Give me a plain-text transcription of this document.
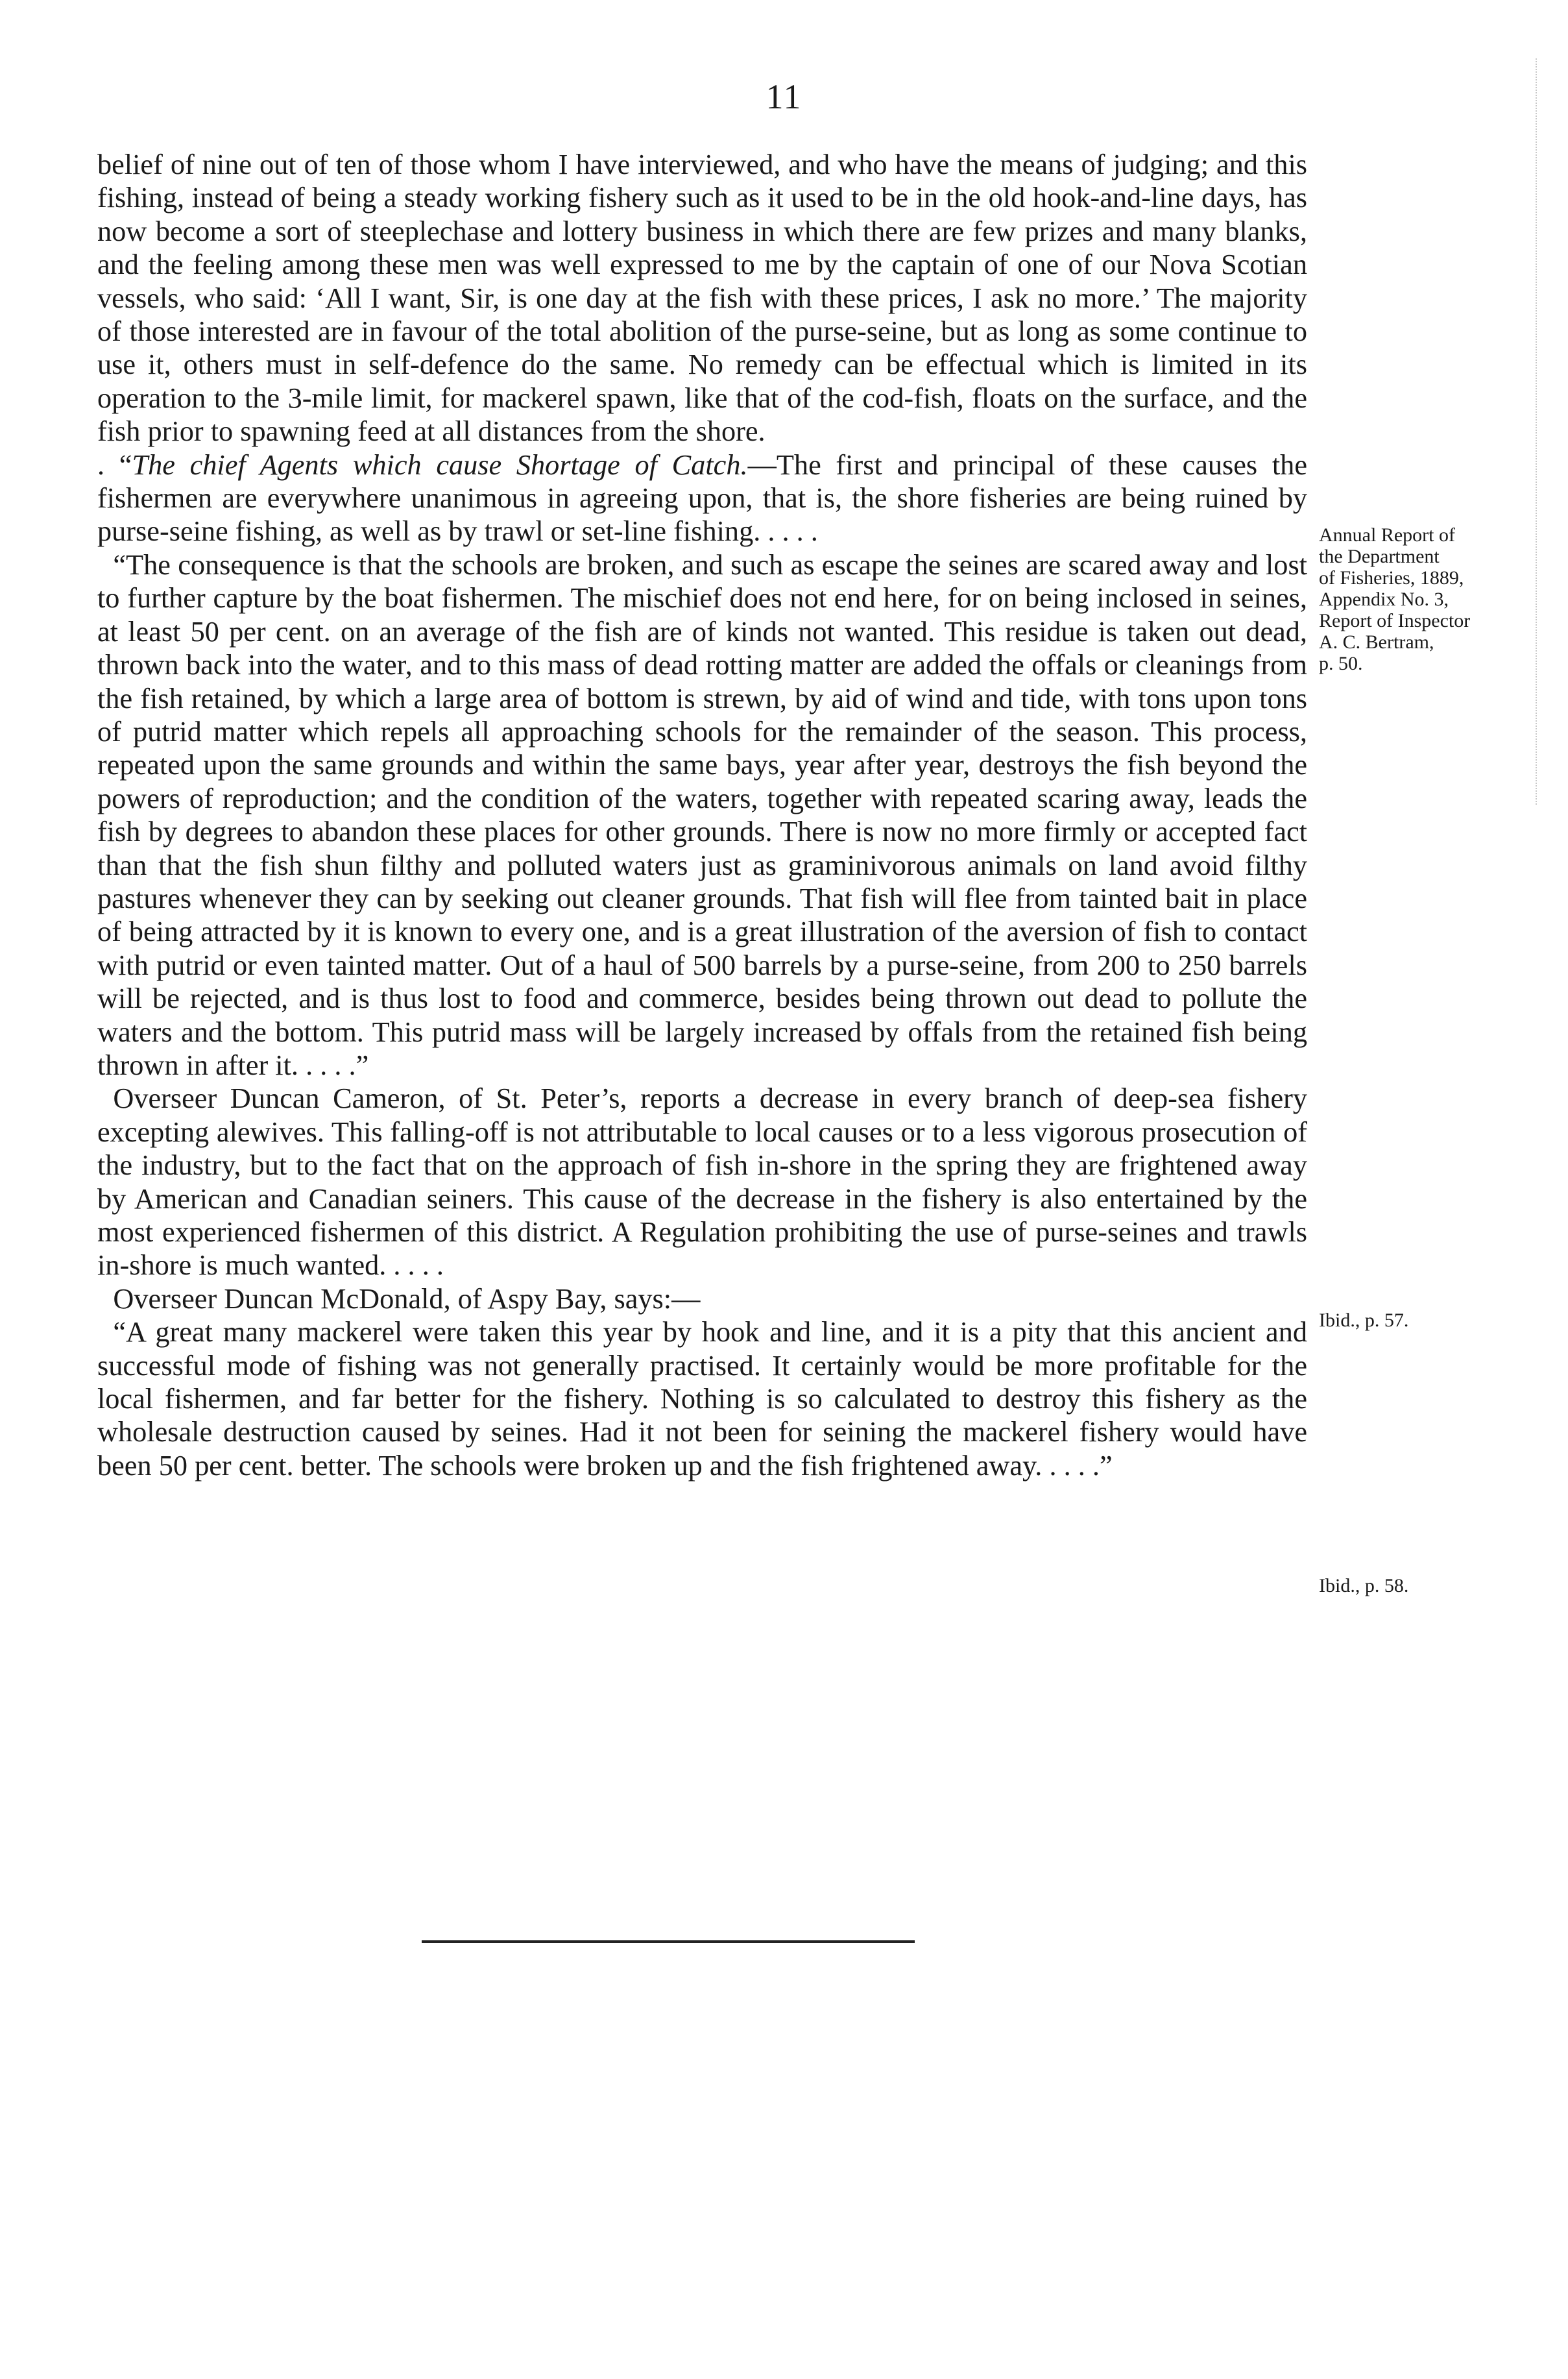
11

belief of nine out of ten of those whom I have interviewed, and who have the means of judging; and this fishing, instead of being a steady working fishery such as it used to be in the old hook-and-line days, has now become a sort of steeplechase and lottery business in which there are few prizes and many blanks, and the feeling among these men was well expressed to me by the captain of one of our Nova Scotian vessels, who said: ‘All I want, Sir, is one day at the fish with these prices, I ask no more.’ The majority of those interested are in favour of the total abolition of the purse-seine, but as long as some continue to use it, others must in self-defence do the same. No remedy can be effectual which is limited in its operation to the 3-mile limit, for mackerel spawn, like that of the cod-fish, floats on the surface, and the fish prior to spawning feed at all distances from the shore.

. “The chief Agents which cause Shortage of Catch.—The first and principal of these causes the fishermen are everywhere unanimous in agreeing upon, that is, the shore fisheries are being ruined by purse-seine fishing, as well as by trawl or set-line fishing. . . . .

“The consequence is that the schools are broken, and such as escape the seines are scared away and lost to further capture by the boat fishermen. The mischief does not end here, for on being inclosed in seines, at least 50 per cent. on an average of the fish are of kinds not wanted. This residue is taken out dead, thrown back into the water, and to this mass of dead rotting matter are added the offals or cleanings from the fish retained, by which a large area of bottom is strewn, by aid of wind and tide, with tons upon tons of putrid matter which repels all approaching schools for the remainder of the season. This process, repeated upon the same grounds and within the same bays, year after year, destroys the fish beyond the powers of reproduction; and the condition of the waters, together with repeated scaring away, leads the fish by degrees to abandon these places for other grounds. There is now no more firmly or accepted fact than that the fish shun filthy and polluted waters just as graminivorous animals on land avoid filthy pastures whenever they can by seeking out cleaner grounds. That fish will flee from tainted bait in place of being attracted by it is known to every one, and is a great illustration of the aversion of fish to contact with putrid or even tainted matter. Out of a haul of 500 barrels by a purse-seine, from 200 to 250 barrels will be rejected, and is thus lost to food and commerce, besides being thrown out dead to pollute the waters and the bottom. This putrid mass will be largely increased by offals from the retained fish being thrown in after it. . . . .”

Overseer Duncan Cameron, of St. Peter’s, reports a decrease in every branch of deep-sea fishery excepting alewives. This falling-off is not attributable to local causes or to a less vigorous prosecution of the industry, but to the fact that on the approach of fish in-shore in the spring they are frightened away by American and Canadian seiners. This cause of the decrease in the fishery is also entertained by the most experienced fishermen of this district. A Regulation prohibiting the use of purse-seines and trawls in-shore is much wanted. . . . .

Overseer Duncan McDonald, of Aspy Bay, says:—

“A great many mackerel were taken this year by hook and line, and it is a pity that this ancient and successful mode of fishing was not generally practised. It certainly would be more profitable for the local fishermen, and far better for the fishery. Nothing is so calculated to destroy this fishery as the wholesale destruction caused by seines. Had it not been for seining the mackerel fishery would have been 50 per cent. better. The schools were broken up and the fish frightened away. . . . .”

Annual Report of
the Department
of Fisheries, 1889,
Appendix No. 3,
Report of Inspector
A. C. Bertram,
p. 50.
Ibid., p. 57.
Ibid., p. 58.
